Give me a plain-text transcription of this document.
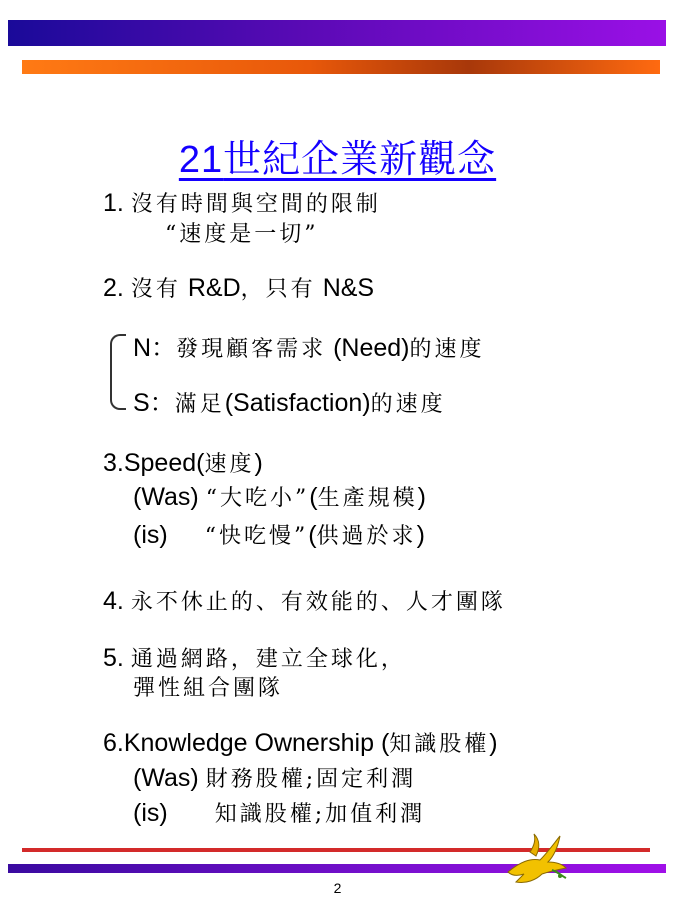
21世紀企業新觀念
1. 沒有時間與空間的限制
“速度是一切”
2. 沒有 R&D，只有 N&S
N：發現顧客需求 (Need)的速度
S：滿足(Satisfaction)的速度
3.Speed(速度)
(Was) “大吃小”(生產規模)
(is) “快吃慢”(供過於求)
4. 永不休止的、有效能的、人才團隊
5. 通過網路，建立全球化，
彈性組合團隊
6.Knowledge Ownership (知識股權)
(Was) 財務股權;固定利潤
(is) 知識股權;加值利潤
2
